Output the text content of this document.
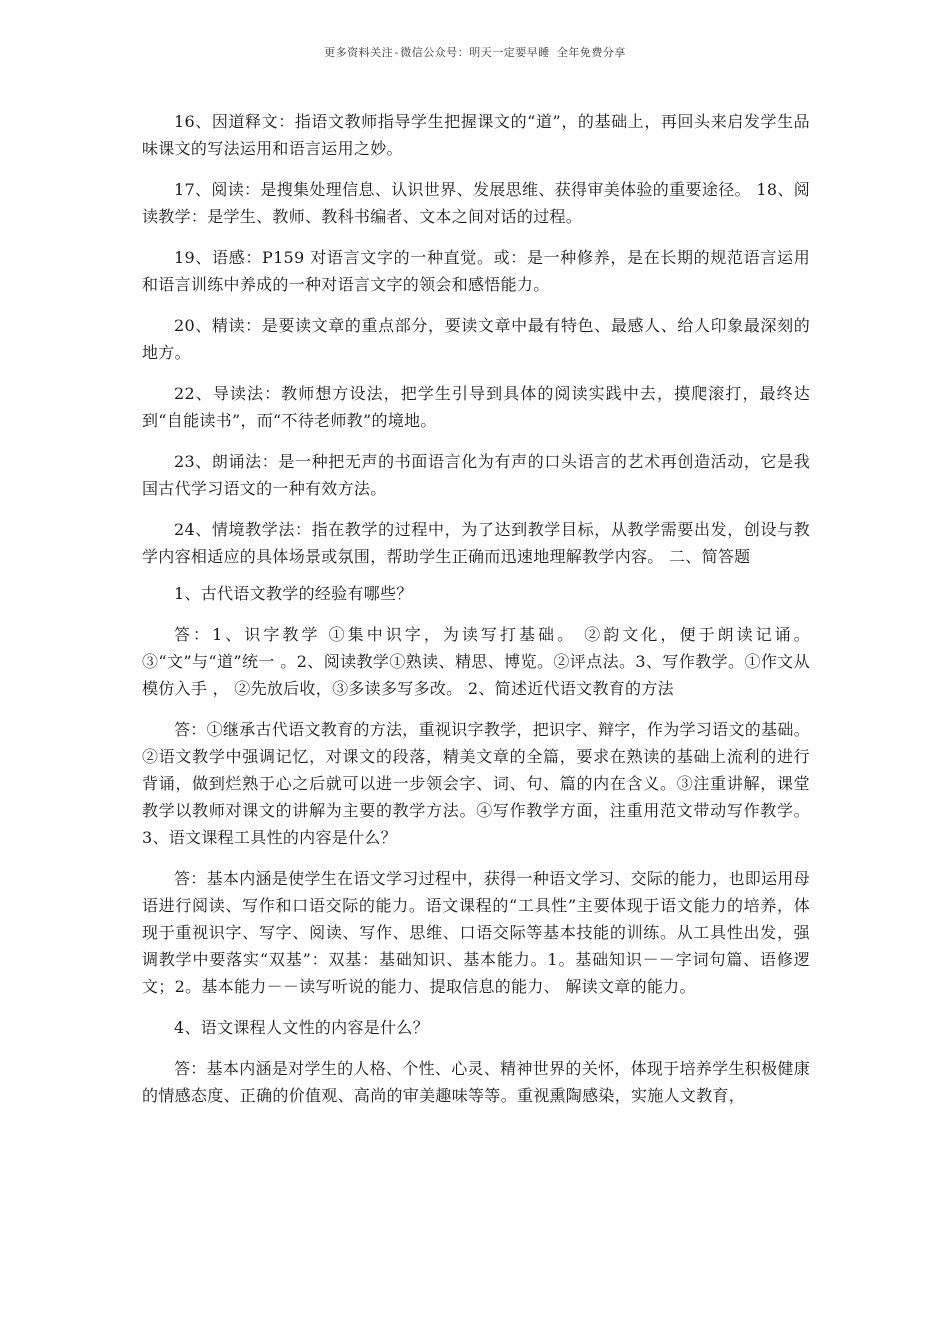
更多资料关注-微信公众号：明天一定要早睡 全年免费分享

16、因道释文：指语文教师指导学生把握课文的“道”，的基础上，再回头来启发学生品味课文的写法运用和语言运用之妙。

17、阅读：是搜集处理信息、认识世界、发展思维、获得审美体验的重要途径。 18、阅读教学：是学生、教师、教科书编者、文本之间对话的过程。

19、语感：P159 对语言文字的一种直觉。或：是一种修养，是在长期的规范语言运用和语言训练中养成的一种对语言文字的领会和感悟能力。

20、精读：是要读文章的重点部分，要读文章中最有特色、最感人、给人印象最深刻的地方。

22、导读法：教师想方设法，把学生引导到具体的阅读实践中去，摸爬滚打，最终达到“自能读书”，而“不待老师教”的境地。

23、朗诵法：是一种把无声的书面语言化为有声的口头语言的艺术再创造活动，它是我国古代学习语文的一种有效方法。

24、情境教学法：指在教学的过程中，为了达到教学目标，从教学需要出发，创设与教学内容相适应的具体场景或氛围，帮助学生正确而迅速地理解教学内容。 二、简答题

1、古代语文教学的经验有哪些？

答：1、识字教学 ①集中识字，为读写打基础。 ②韵文化，便于朗读记诵。 ③“文”与“道”统一 。2、阅读教学①熟读、精思、博览。②评点法。3、写作教学。①作文从模仿入手 ， ②先放后收，③多读多写多改。 2、简述近代语文教育的方法

答：①继承古代语文教育的方法，重视识字教学，把识字、辩字，作为学习语文的基础。②语文教学中强调记忆，对课文的段落，精美文章的全篇，要求在熟读的基础上流利的进行背诵，做到烂熟于心之后就可以进一步领会字、词、句、篇的内在含义。③注重讲解，课堂教学以教师对课文的讲解为主要的教学方法。④写作教学方面，注重用范文带动写作教学。 3、语文课程工具性的内容是什么？

答：基本内涵是使学生在语文学习过程中，获得一种语文学习、交际的能力，也即运用母语进行阅读、写作和口语交际的能力。语文课程的“工具性”主要体现于语文能力的培养，体现于重视识字、写字、阅读、写作、思维、口语交际等基本技能的训练。从工具性出发，强调教学中要落实“双基”：双基：基础知识、基本能力。1。基础知识－－字词句篇、语修逻文；2。基本能力－－读写听说的能力、提取信息的能力、 解读文章的能力。

4、语文课程人文性的内容是什么？

答：基本内涵是对学生的人格、个性、心灵、精神世界的关怀，体现于培养学生积极健康的情感态度、正确的价值观、高尚的审美趣味等等。重视熏陶感染，实施人文教育，
